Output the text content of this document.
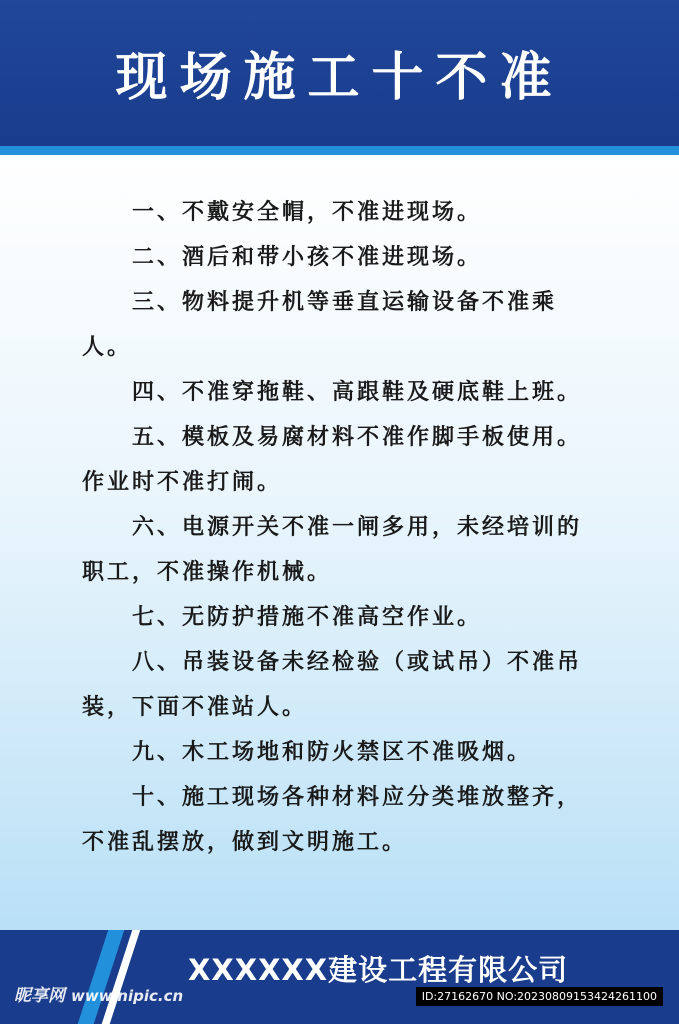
现场施工十不准

一、不戴安全帽，不准进现场。

二、酒后和带小孩不准进现场。

三、物料提升机等垂直运输设备不准乘人。

四、不准穿拖鞋、高跟鞋及硬底鞋上班。

五、模板及易腐材料不准作脚手板使用。作业时不准打闹。

六、电源开关不准一闸多用，未经培训的职工，不准操作机械。

七、无防护措施不准高空作业。

八、吊装设备未经检验（或试吊）不准吊装，下面不准站人。

九、木工场地和防火禁区不准吸烟。

十、施工现场各种材料应分类堆放整齐，不准乱摆放，做到文明施工。

XXXXXX建设工程有限公司
昵享网 www.nipic.cn	ID:27162670 NO:20230809153424261100
